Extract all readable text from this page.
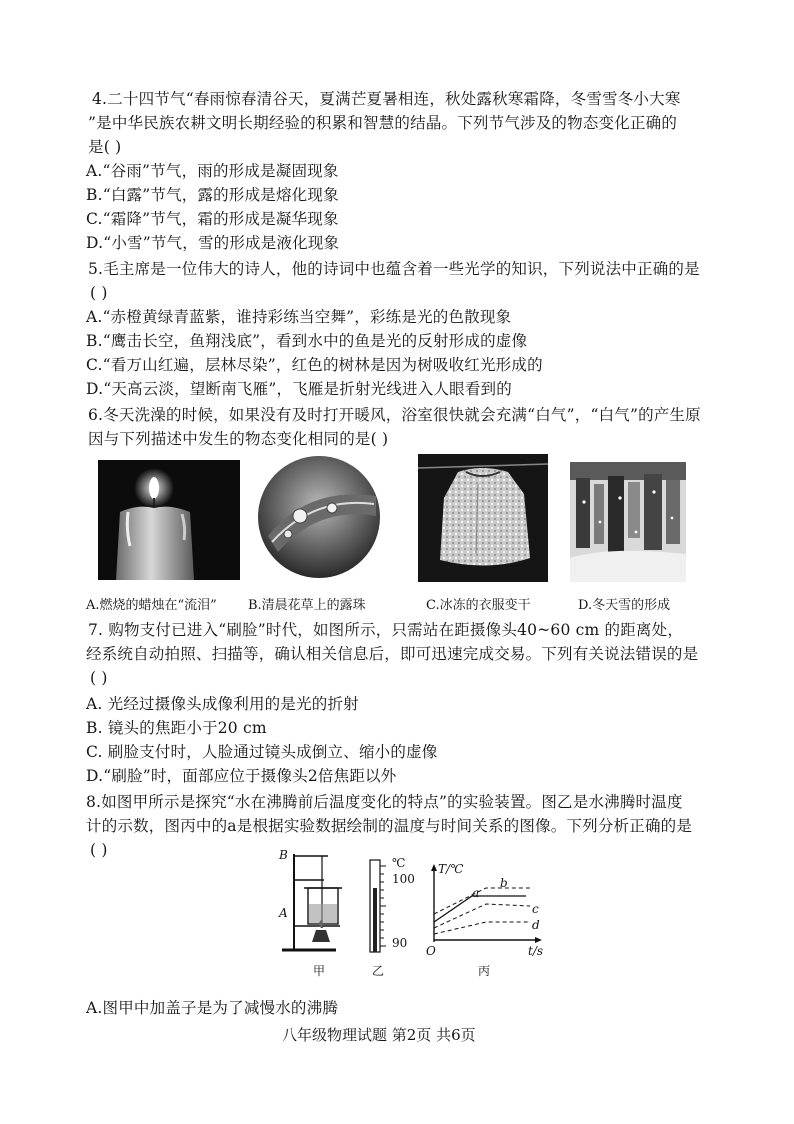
4.二十四节气“春雨惊春清谷天，夏满芒夏暑相连，秋处露秋寒霜降，冬雪雪冬小大寒
”是中华民族农耕文明长期经验的积累和智慧的结晶。下列节气涉及的物态变化正确的
是( )
A.“谷雨”节气，雨的形成是凝固现象
B.“白露”节气，露的形成是熔化现象
C.“霜降”节气，霜的形成是凝华现象
D.“小雪”节气，雪的形成是液化现象
5.毛主席是一位伟大的诗人，他的诗词中也蕴含着一些光学的知识，下列说法中正确的是
( )
A.“赤橙黄绿青蓝紫，谁持彩练当空舞”，彩练是光的色散现象
B.“鹰击长空，鱼翔浅底”，看到水中的鱼是光的反射形成的虚像
C.“看万山红遍，层林尽染”，红色的树林是因为树吸收红光形成的
D.“天高云淡，望断南飞雁”，飞雁是折射光线进入人眼看到的
6.冬天洗澡的时候，如果没有及时打开暖风，浴室很快就会充满“白气”，“白气”的产生原
因与下列描述中发生的物态变化相同的是( )
A.燃烧的蜡烛在“流泪” B.清晨花草上的露珠	C.冰冻的衣服变干	D.冬天雪的形成
7. 购物支付已进入“刷脸”时代，如图所示，只需站在距摄像头40~60 cm 的距离处，
经系统自动拍照、扫描等，确认相关信息后，即可迅速完成交易。下列有关说法错误的是
( )
A. 光经过摄像头成像利用的是光的折射
B. 镜头的焦距小于20 cm
C. 刷脸支付时，人脸通过镜头成倒立、缩小的虚像
D.“刷脸”时，面部应位于摄像头2倍焦距以外
8.如图甲所示是探究“水在沸腾前后温度变化的特点”的实验装置。图乙是水沸腾时温度
计的示数，图丙中的a是根据实验数据绘制的温度与时间关系的图像。下列分析正确的是
( )	B
A
甲
℃
100
90
乙
T/℃
a
b
c
d
O	t/s
丙
A.图甲中加盖子是为了减慢水的沸腾
八年级物理试题 第2页 共6页
